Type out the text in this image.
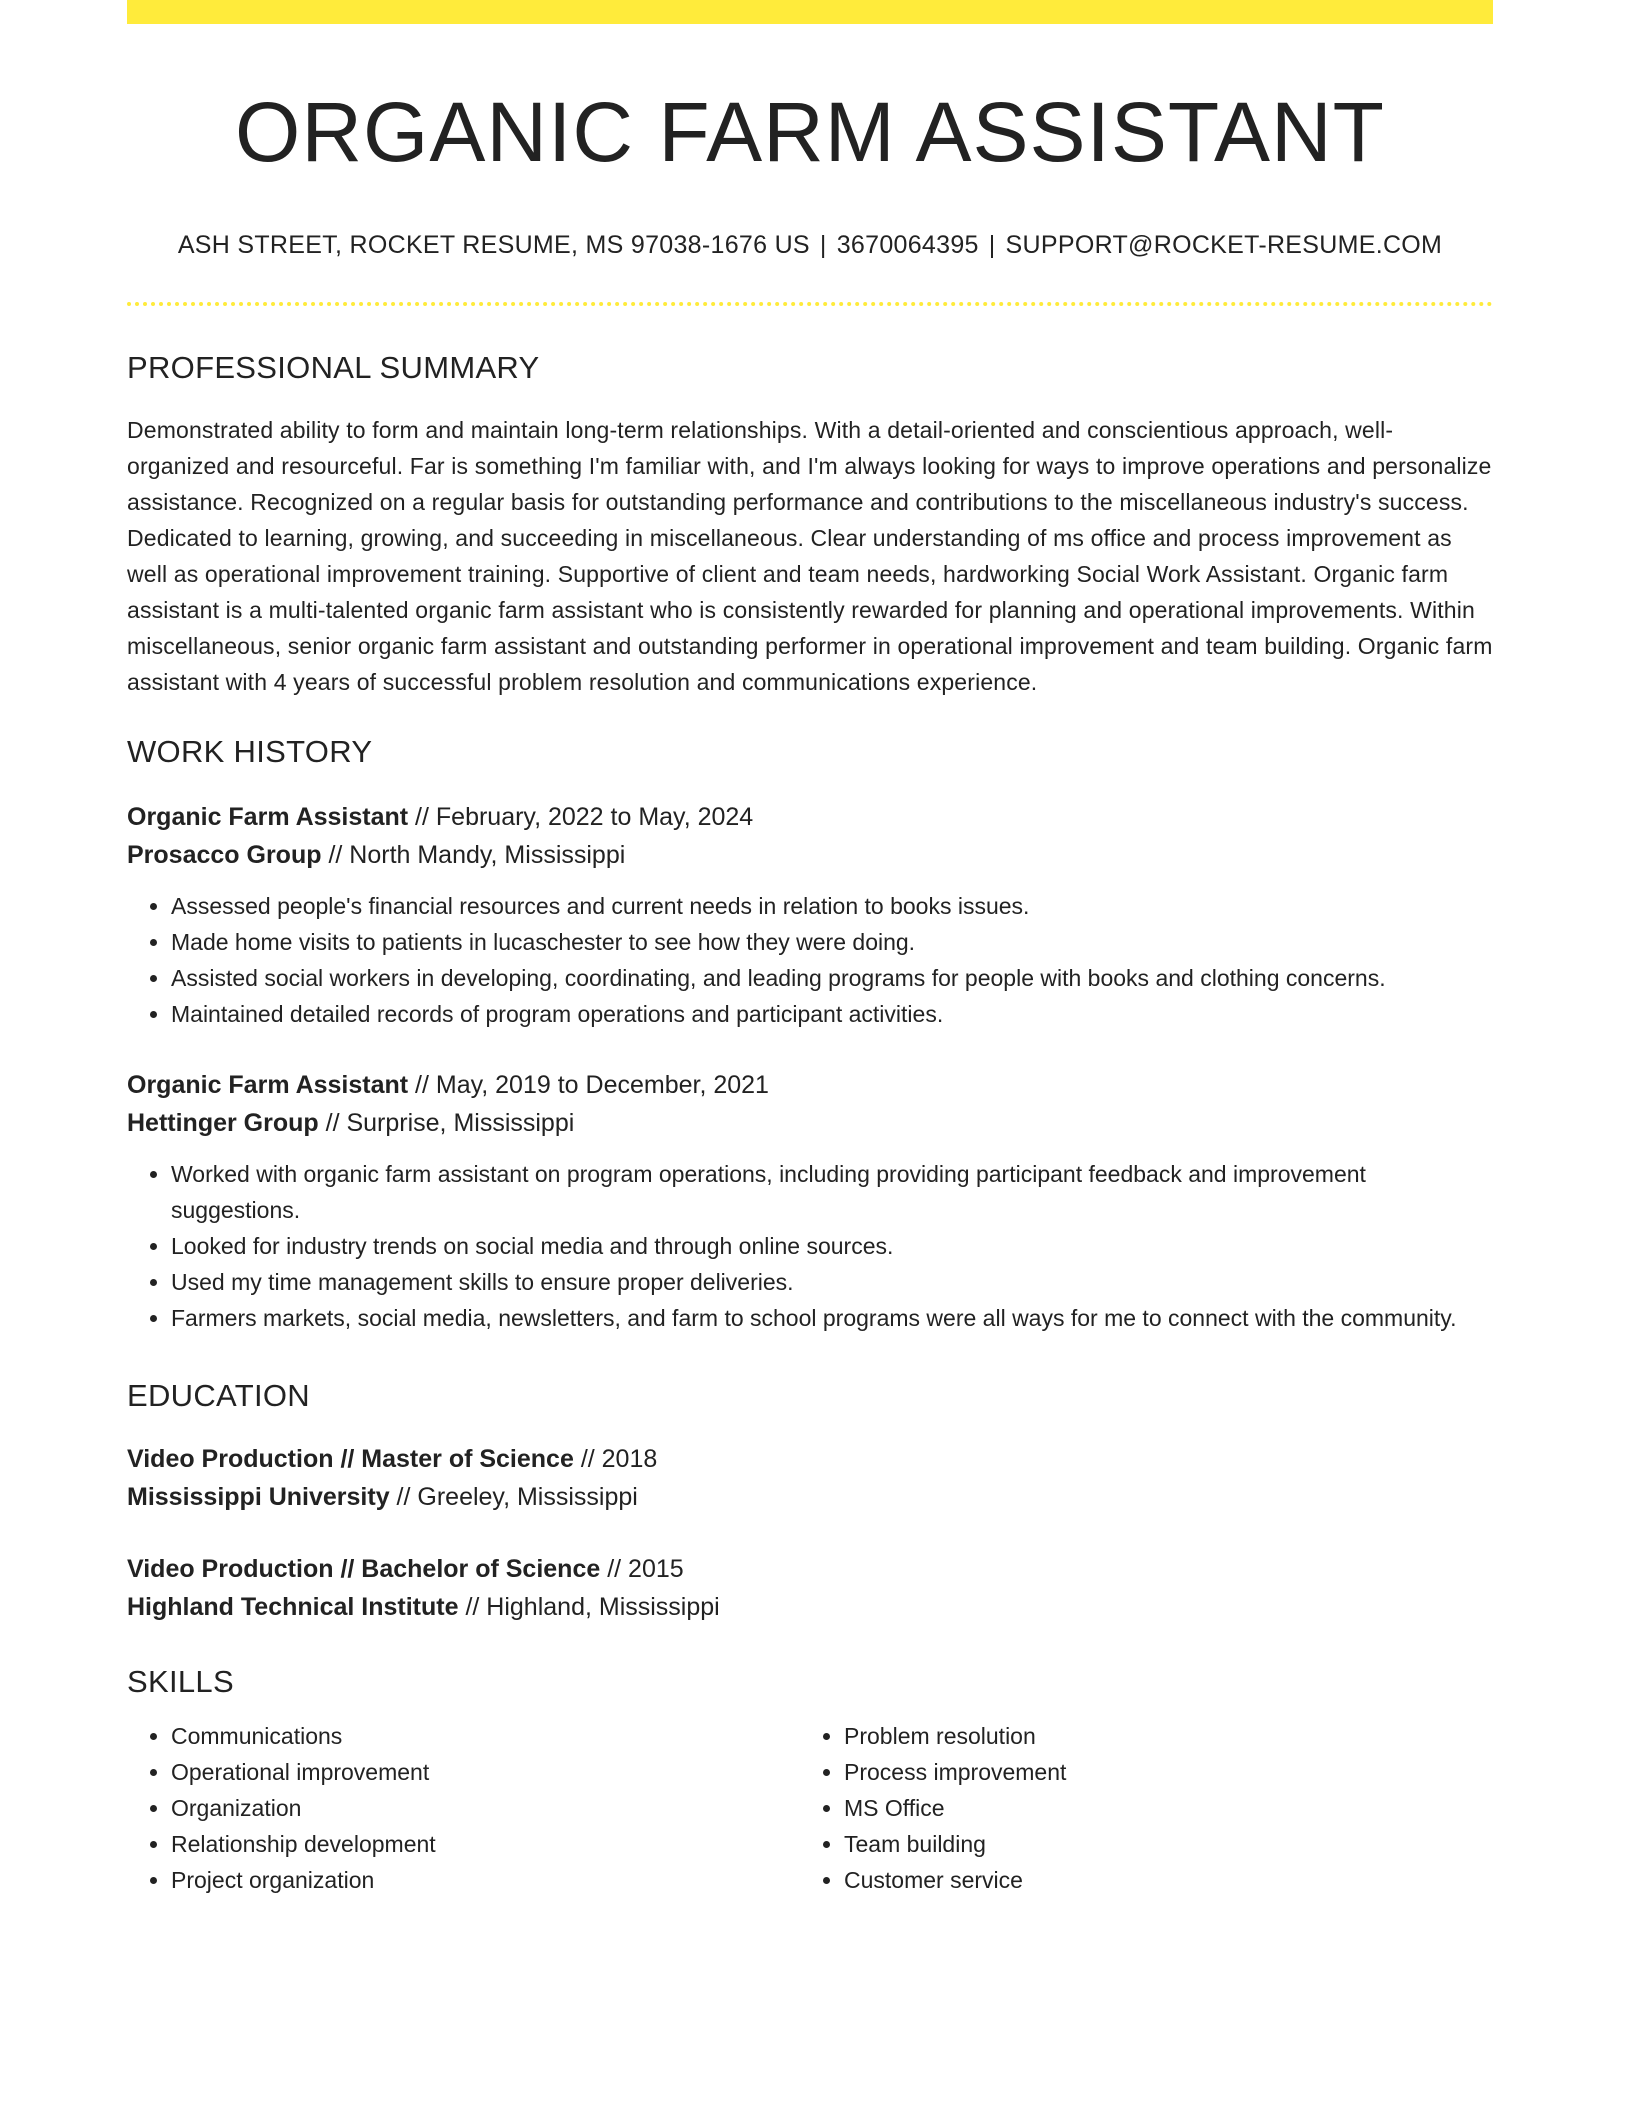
ORGANIC FARM ASSISTANT
ASH STREET, ROCKET RESUME, MS 97038-1676 US | 3670064395 | SUPPORT@ROCKET-RESUME.COM
PROFESSIONAL SUMMARY

Demonstrated ability to form and maintain long-term relationships. With a detail-oriented and conscientious approach, well-organized and resourceful. Far is something I'm familiar with, and I'm always looking for ways to improve operations and personalize assistance. Recognized on a regular basis for outstanding performance and contributions to the miscellaneous industry's success. Dedicated to learning, growing, and succeeding in miscellaneous. Clear understanding of ms office and process improvement as well as operational improvement training. Supportive of client and team needs, hardworking Social Work Assistant. Organic farm assistant is a multi-talented organic farm assistant who is consistently rewarded for planning and operational improvements. Within miscellaneous, senior organic farm assistant and outstanding performer in operational improvement and team building. Organic farm assistant with 4 years of successful problem resolution and communications experience.

WORK HISTORY
Organic Farm Assistant // February, 2022 to May, 2024
Prosacco Group // North Mandy, Mississippi
• Assessed people's financial resources and current needs in relation to books issues.
• Made home visits to patients in lucaschester to see how they were doing.
• Assisted social workers in developing, coordinating, and leading programs for people with books and clothing concerns.
• Maintained detailed records of program operations and participant activities.
Organic Farm Assistant // May, 2019 to December, 2021
Hettinger Group // Surprise, Mississippi
• Worked with organic farm assistant on program operations, including providing participant feedback and improvement suggestions.
• Looked for industry trends on social media and through online sources.
• Used my time management skills to ensure proper deliveries.
• Farmers markets, social media, newsletters, and farm to school programs were all ways for me to connect with the community.
EDUCATION
Video Production // Master of Science // 2018
Mississippi University // Greeley, Mississippi
Video Production // Bachelor of Science // 2015
Highland Technical Institute // Highland, Mississippi
SKILLS
• Communications
• Operational improvement
• Organization
• Relationship development
• Project organization
• Problem resolution
• Process improvement
• MS Office
• Team building
• Customer service
